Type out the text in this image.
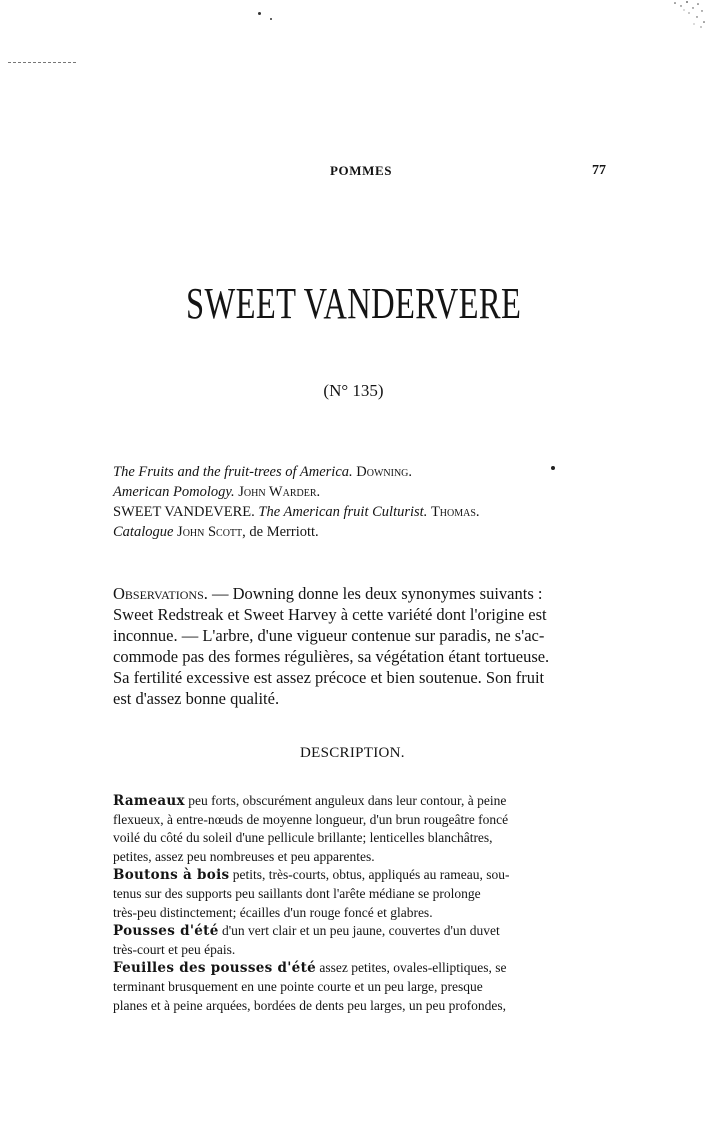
POMMES	77
SWEET VANDERVERE
(N° 135)
The Fruits and the fruit-trees of America. Downing.
American Pomology. John Warder.
SWEET VANDEVERE. The American fruit Culturist. Thomas.
Catalogue John Scott, de Merriott.
Observations. — Downing donne les deux synonymes suivants :
Sweet Redstreak et Sweet Harvey à cette variété dont l'origine est
inconnue. — L'arbre, d'une vigueur contenue sur paradis, ne s'ac-
commode pas des formes régulières, sa végétation étant tortueuse.
Sa fertilité excessive est assez précoce et bien soutenue. Son fruit
est d'assez bonne qualité.
DESCRIPTION.
Rameaux peu forts, obscurément anguleux dans leur contour, à peine
flexueux, à entre-nœuds de moyenne longueur, d'un brun rougeâtre foncé
voilé du côté du soleil d'une pellicule brillante; lenticelles blanchâtres,
petites, assez peu nombreuses et peu apparentes.
Boutons à bois petits, très-courts, obtus, appliqués au rameau, sou-
tenus sur des supports peu saillants dont l'arête médiane se prolonge
très-peu distinctement; écailles d'un rouge foncé et glabres.
Pousses d'été d'un vert clair et un peu jaune, couvertes d'un duvet
très-court et peu épais.
Feuilles des pousses d'été assez petites, ovales-elliptiques, se
terminant brusquement en une pointe courte et un peu large, presque
planes et à peine arquées, bordées de dents peu larges, un peu profondes,
